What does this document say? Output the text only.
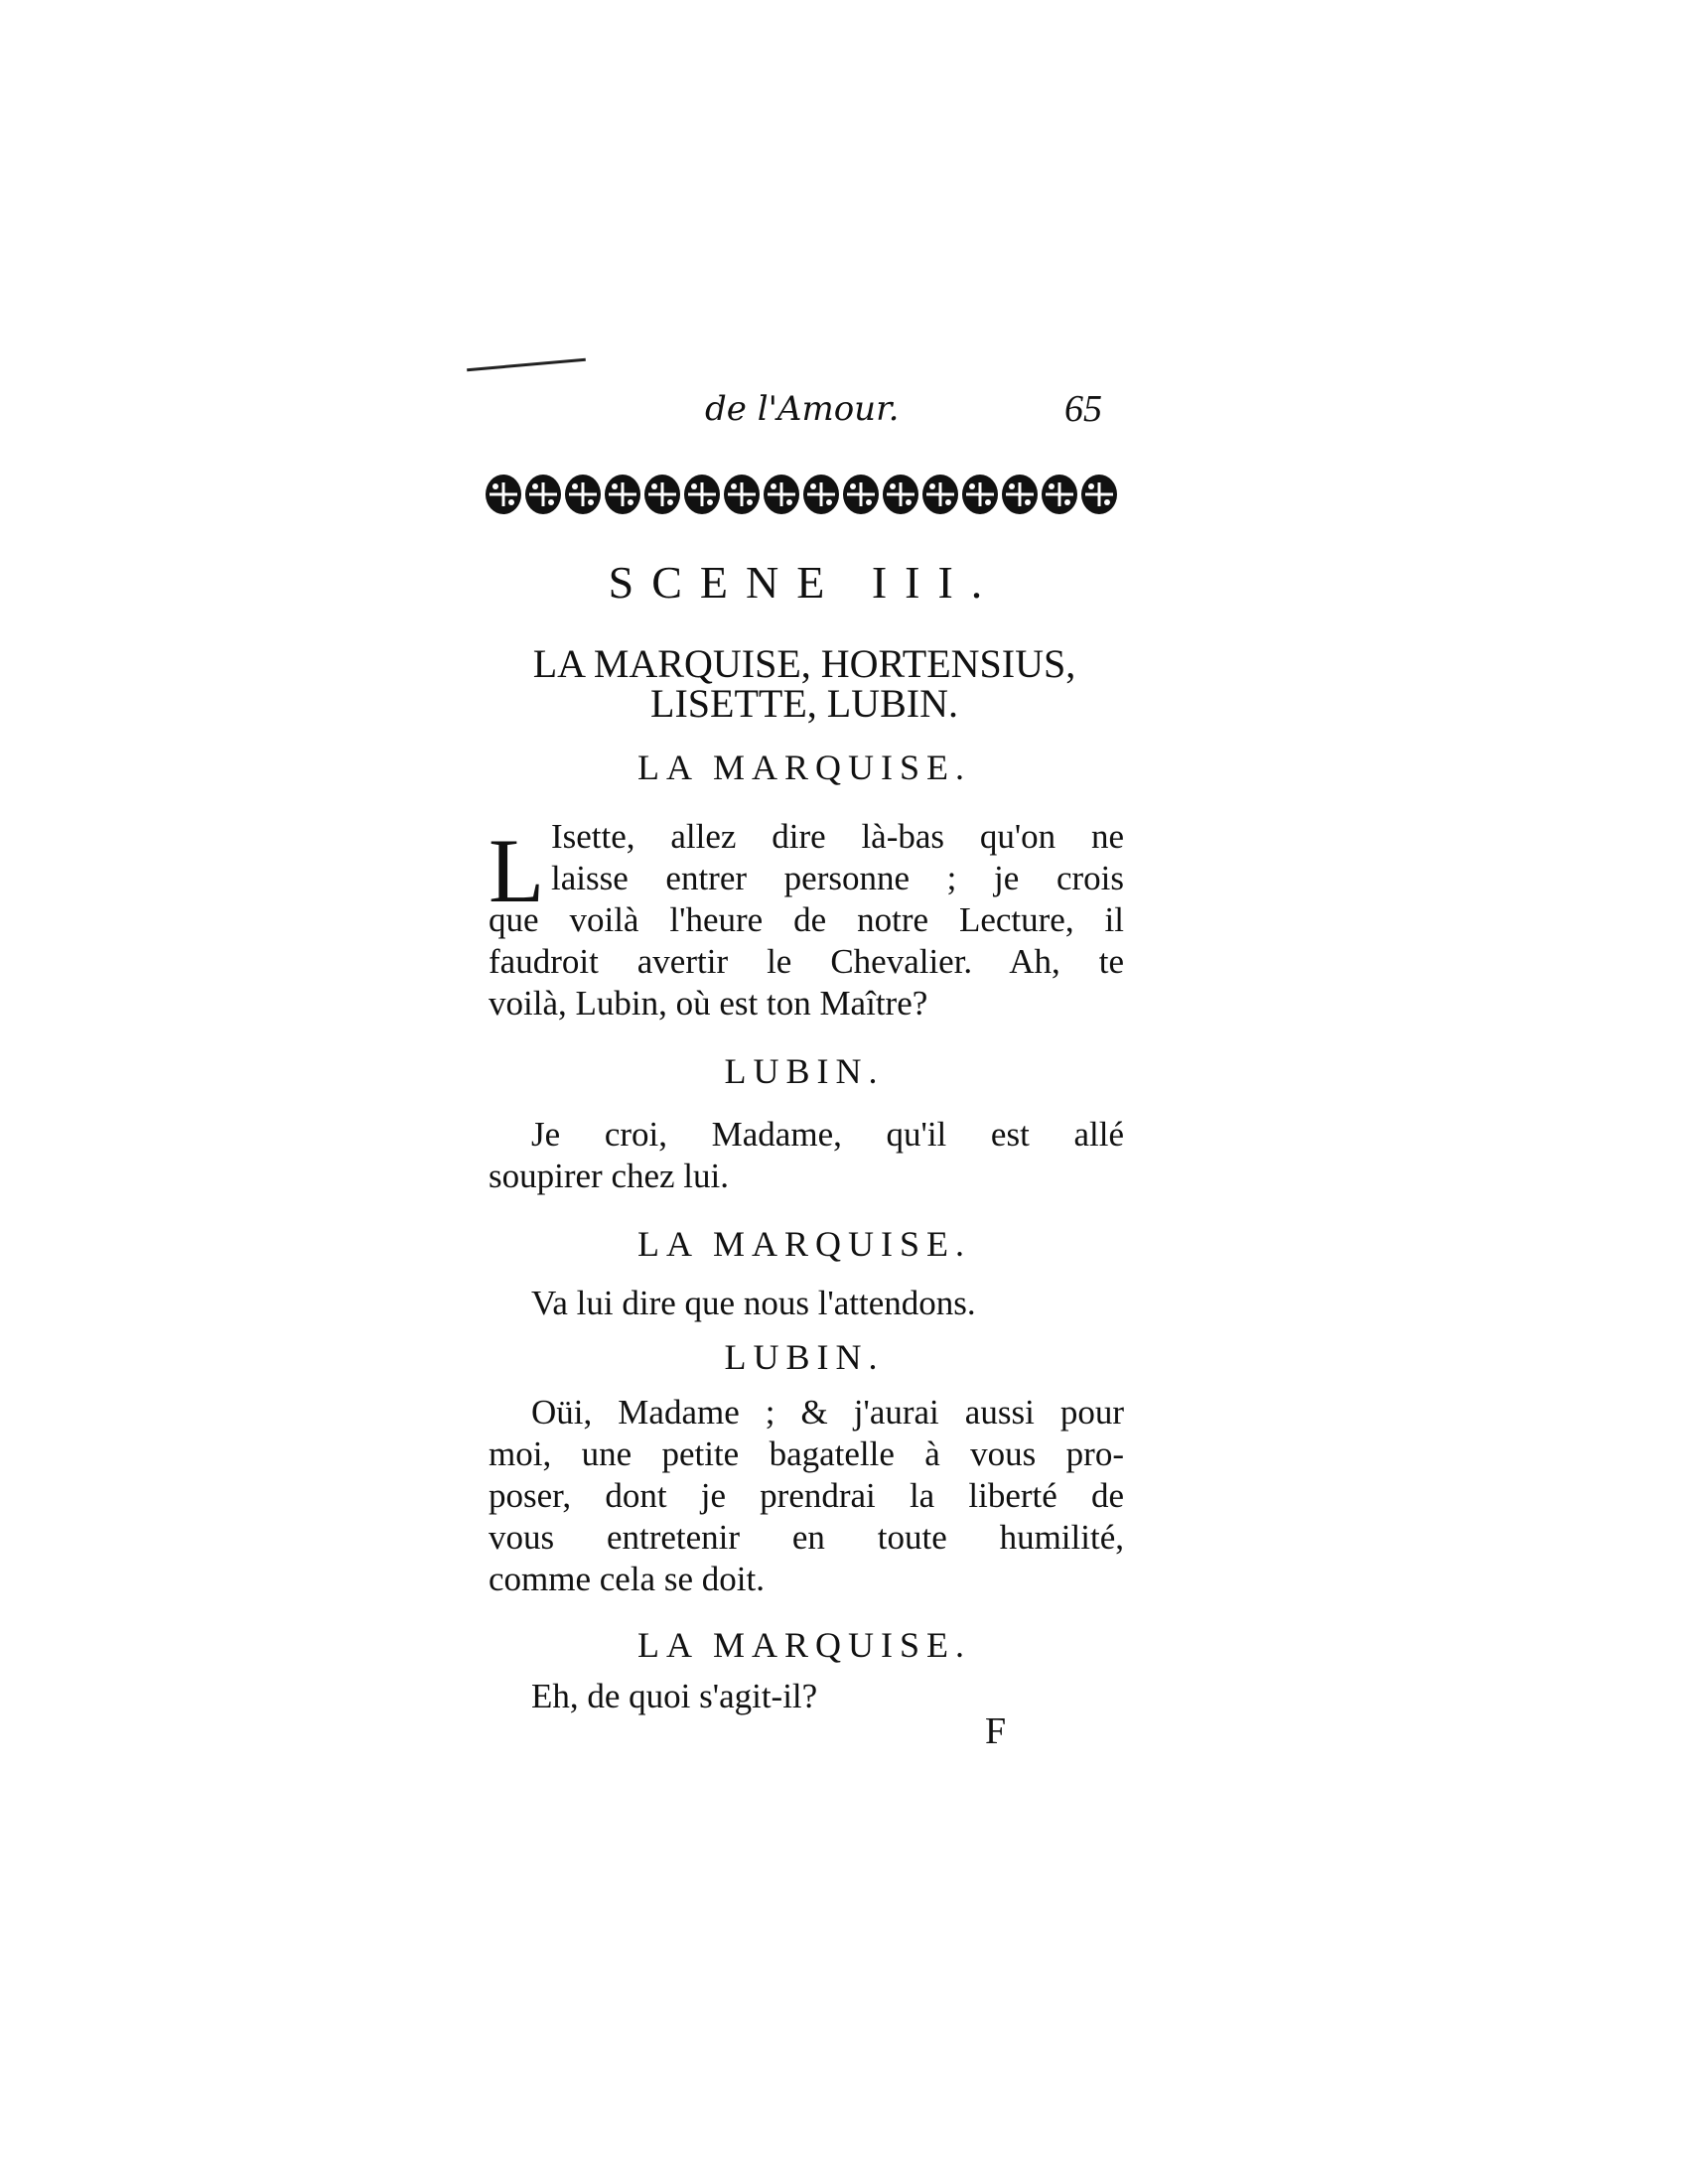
de l'Amour.	65
SCENE III.
LA MARQUISE, HORTENSIUS,
LISETTE, LUBIN.
LA MARQUISE.
L Isette, allez dire là-bas qu'on ne
laisse entrer personne ; je crois
que voilà l'heure de notre Lecture, il
faudroit avertir le Chevalier. Ah, te
voilà, Lubin, où est ton Maître?
LUBIN.
Je croi, Madame, qu'il est allé
soupirer chez lui.
LA MARQUISE.
Va lui dire que nous l'attendons.
LUBIN.
Oüi, Madame ; & j'aurai aussi pour
moi, une petite bagatelle à vous pro-
poser, dont je prendrai la liberté de
vous entretenir en toute humilité,
comme cela se doit.
LA MARQUISE.
Eh, de quoi s'agit-il?
F
